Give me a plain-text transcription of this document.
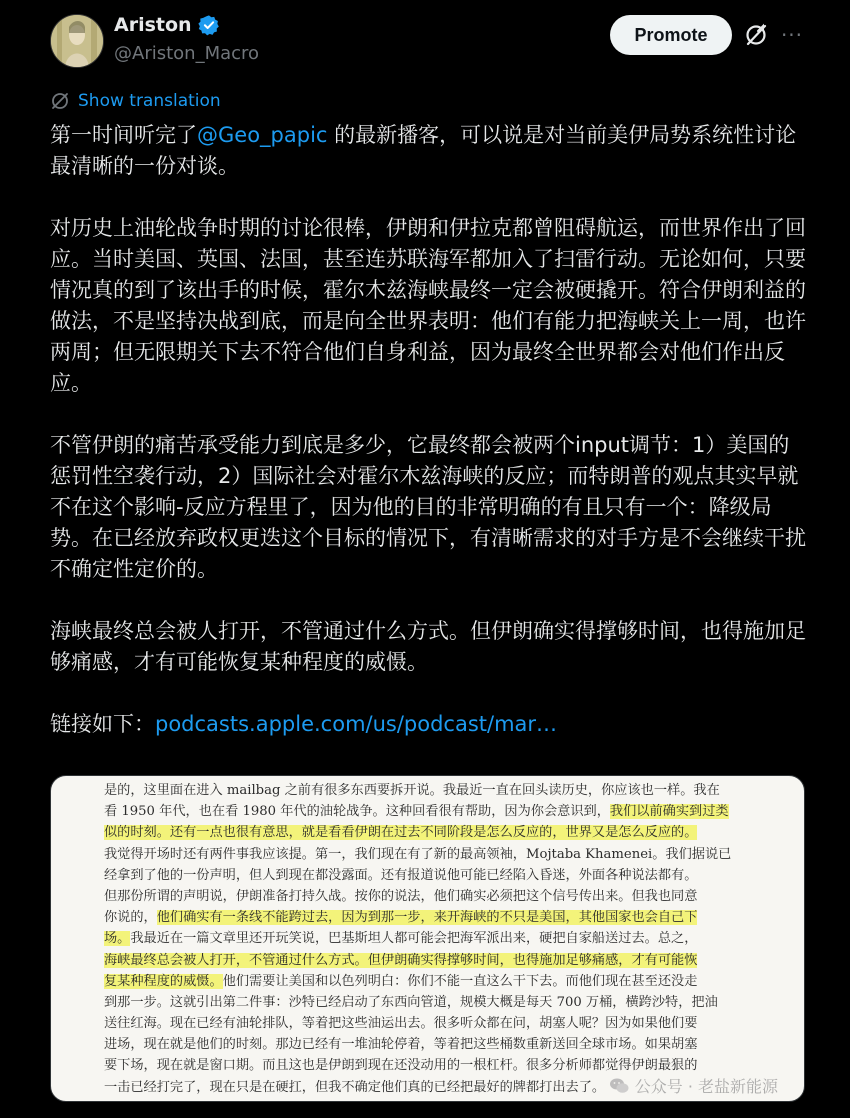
Ariston
@Ariston_Macro
Promote	···
Show translation

第一时间听完了@Geo_papic 的最新播客，可以说是对当前美伊局势系统性讨论最清晰的一份对谈。

对历史上油轮战争时期的讨论很棒，伊朗和伊拉克都曾阻碍航运，而世界作出了回应。当时美国、英国、法国，甚至连苏联海军都加入了扫雷行动。无论如何，只要情况真的到了该出手的时候，霍尔木兹海峡最终一定会被硬撬开。符合伊朗利益的做法，不是坚持决战到底，而是向全世界表明：他们有能力把海峡关上一周，也许两周；但无限期关下去不符合他们自身利益，因为最终全世界都会对他们作出反应。

不管伊朗的痛苦承受能力到底是多少，它最终都会被两个input调节：1）美国的惩罚性空袭行动，2）国际社会对霍尔木兹海峡的反应；而特朗普的观点其实早就不在这个影响-反应方程里了，因为他的目的非常明确的有且只有一个：降级局势。在已经放弃政权更迭这个目标的情况下，有清晰需求的对手方是不会继续干扰不确定性定价的。

海峡最终总会被人打开，不管通过什么方式。但伊朗确实得撑够时间，也得施加足够痛感，才有可能恢复某种程度的威慑。

链接如下：podcasts.apple.com/us/podcast/mar…

是的，这里面在进入 mailbag 之前有很多东西要拆开说。我最近一直在回头读历史，你应该也一样。我在
看 1950 年代，也在看 1980 年代的油轮战争。这种回看很有帮助，因为你会意识到，我们以前确实到过类
似的时刻。还有一点也很有意思，就是看看伊朗在过去不同阶段是怎么反应的，世界又是怎么反应的。
我觉得开场时还有两件事我应该提。第一，我们现在有了新的最高领袖，Mojtaba Khamenei。我们据说已
经拿到了他的一份声明，但人到现在都没露面。还有报道说他可能已经陷入昏迷，外面各种说法都有。
但那份所谓的声明说，伊朗准备打持久战。按你的说法，他们确实必须把这个信号传出来。但我也同意
你说的，他们确实有一条线不能跨过去，因为到那一步，来开海峡的不只是美国，其他国家也会自己下
场。我最近在一篇文章里还开玩笑说，巴基斯坦人都可能会把海军派出来，硬把自家船送过去。总之，
海峡最终总会被人打开，不管通过什么方式。但伊朗确实得撑够时间，也得施加足够痛感，才有可能恢
复某种程度的威慑。他们需要让美国和以色列明白：你们不能一直这么干下去。而他们现在甚至还没走
到那一步。这就引出第二件事：沙特已经启动了东西向管道，规模大概是每天 700 万桶，横跨沙特，把油
送往红海。现在已经有油轮排队，等着把这些油运出去。很多听众都在问，胡塞人呢？因为如果他们要
进场，现在就是他们的时刻。那边已经有一堆油轮停着，等着把这些桶数重新送回全球市场。如果胡塞
要下场，现在就是窗口期。而且这也是伊朗到现在还没动用的一根杠杆。很多分析师都觉得伊朗最狠的
一击已经打完了，现在只是在硬扛，但我不确定他们真的已经把最好的牌都打出去了。	公众号 · 老盐新能源
